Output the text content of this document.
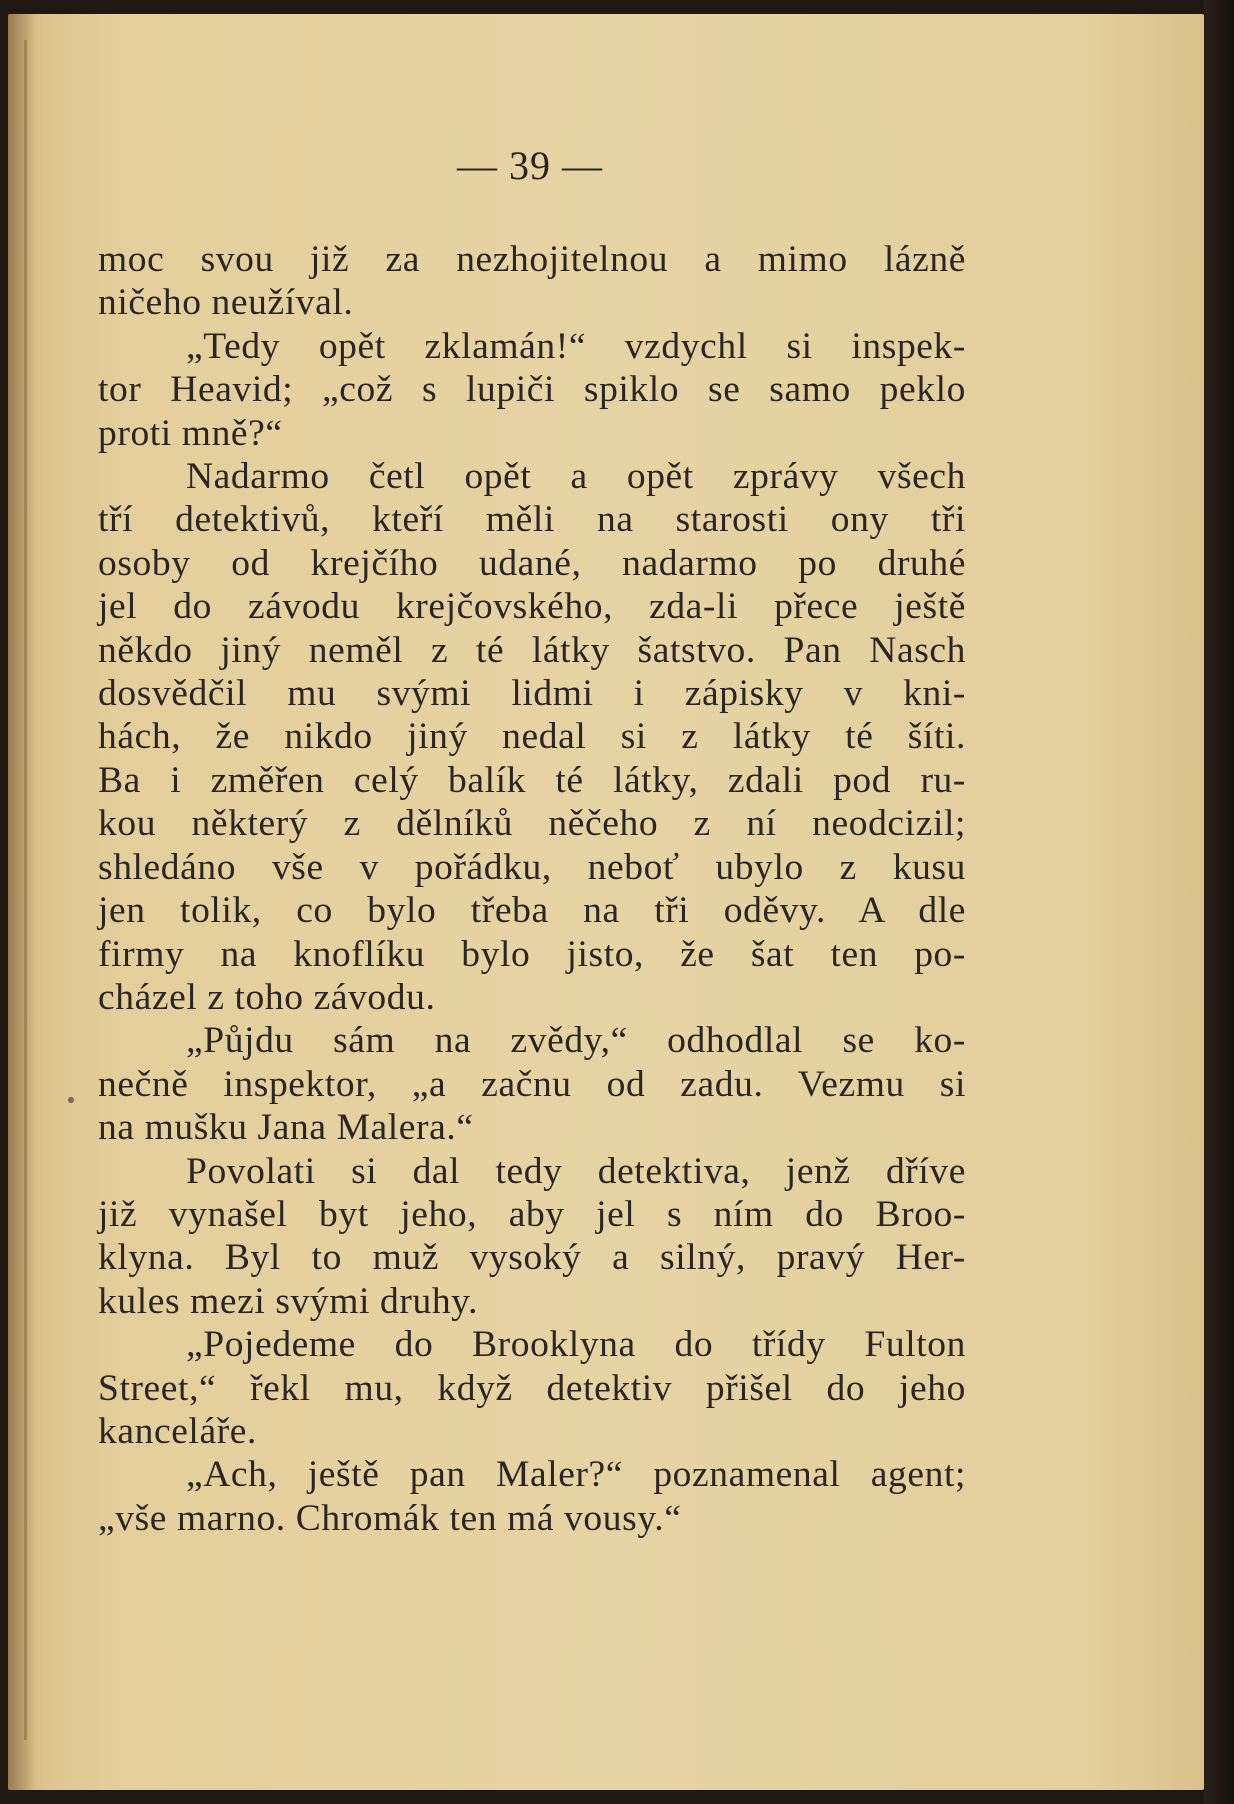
— 39 —
moc svou již za nezhojitelnou a mimo lázně
ničeho neužíval.
„Tedy opět zklamán!“ vzdychl si inspek-
tor Heavid; „což s lupiči spiklo se samo peklo
proti mně?“
Nadarmo četl opět a opět zprávy všech
tří detektivů, kteří měli na starosti ony tři
osoby od krejčího udané, nadarmo po druhé
jel do závodu krejčovského, zda-li přece ještě
někdo jiný neměl z té látky šatstvo. Pan Nasch
dosvědčil mu svými lidmi i zápisky v kni-
hách, že nikdo jiný nedal si z látky té šíti.
Ba i změřen celý balík té látky, zdali pod ru-
kou některý z dělníků něčeho z ní neodcizil;
shledáno vše v pořádku, neboť ubylo z kusu
jen tolik, co bylo třeba na tři oděvy. A dle
firmy na knoflíku bylo jisto, že šat ten po-
cházel z toho závodu.
„Půjdu sám na zvědy,“ odhodlal se ko-
nečně inspektor, „a začnu od zadu. Vezmu si
na mušku Jana Malera.“
Povolati si dal tedy detektiva, jenž dříve
již vynašel byt jeho, aby jel s ním do Broo-
klyna. Byl to muž vysoký a silný, pravý Her-
kules mezi svými druhy.
„Pojedeme do Brooklyna do třídy Fulton
Street,“ řekl mu, když detektiv přišel do jeho
kanceláře.
„Ach, ještě pan Maler?“ poznamenal agent;
„vše marno. Chromák ten má vousy.“
